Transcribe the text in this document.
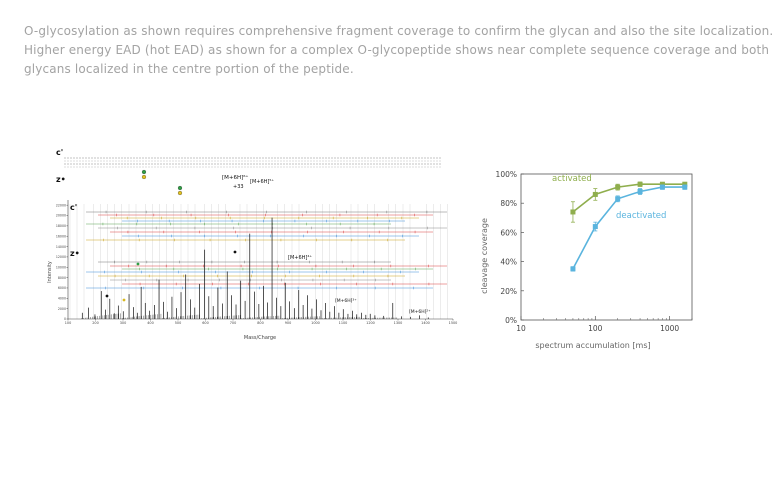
O-glycosylation as shown requires comprehensive fragment coverage to confirm the glycan and also the site localization.
Higher energy EAD (hot EAD) as shown for a complex O-glycopeptide shows near complete sequence coverage and both
glycans localized in the centre portion of the peptide.

100	200	300	400	500	600	700	800	900	1000	1100	1200	1300	1400	1500
0
2000
4000
6000
8000
10000
12000
14000
16000
18000
20000
22000
c'
z•
c'
z•
[M+6H]⁶⁺
+33
[M+6H]⁵⁺
[M+6H]⁴⁺
[M+6H]³⁺
[M+6H]²⁺
Mass/Charge
Intensity
0%
20%
40%
60%
80%
100%
10	100	1000
activated
deactivated
spectrum accumulation [ms]
cleavage coverage
